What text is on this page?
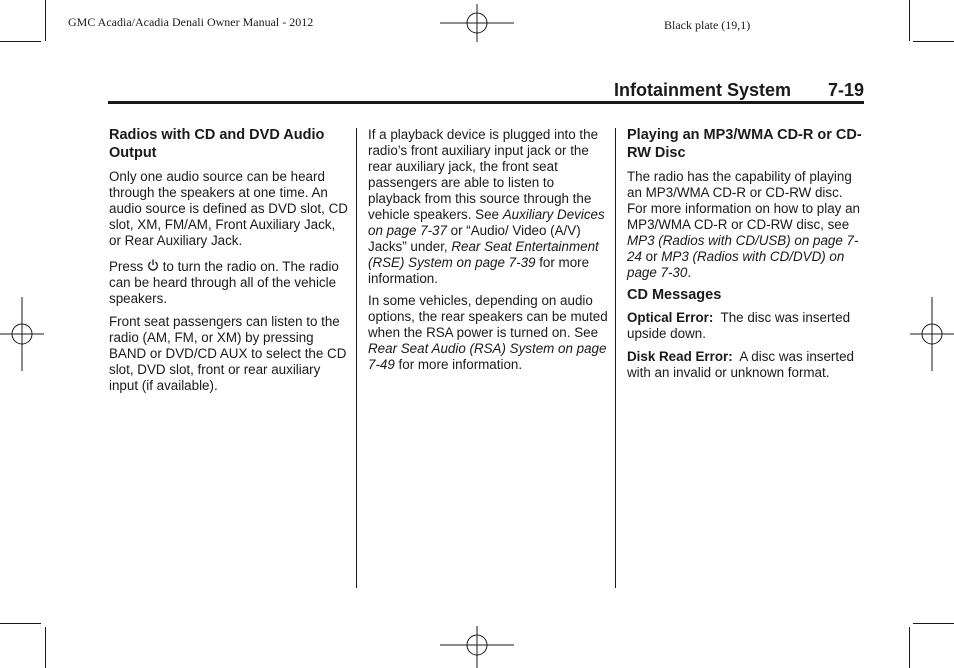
GMC Acadia/Acadia Denali Owner Manual - 2012	Black plate (19,1)
Infotainment System 7-19
Radios with CD and DVD Audio Output

Only one audio source can be heard through the speakers at one time. An audio source is defined as DVD slot, CD slot, XM, FM/AM, Front Auxiliary Jack, or Rear Auxiliary Jack.

Press to turn the radio on. The radio can be heard through all of the vehicle speakers.

Front seat passengers can listen to the radio (AM, FM, or XM) by pressing BAND or DVD/CD AUX to select the CD slot, DVD slot, front or rear auxiliary input (if available).

If a playback device is plugged into the radio’s front auxiliary input jack or the rear auxiliary jack, the front seat passengers are able to listen to playback from this source through the vehicle speakers. See Auxiliary Devices on page 7-37 or “Audio/ Video (A/V) Jacks” under, Rear Seat Entertainment (RSE) System on page 7-39 for more information.

In some vehicles, depending on audio options, the rear speakers can be muted when the RSA power is turned on. See Rear Seat Audio (RSA) System on page 7-49 for more information.

Playing an MP3/WMA CD-R or CD-RW Disc

The radio has the capability of playing an MP3/WMA CD-R or CD-RW disc. For more information on how to play an MP3/WMA CD-R or CD-RW disc, see MP3 (Radios with CD/USB) on page 7-24 or MP3 (Radios with CD/DVD) on page 7-30.

CD Messages

Optical Error:  The disc was inserted upside down.

Disk Read Error:  A disc was inserted with an invalid or unknown format.
